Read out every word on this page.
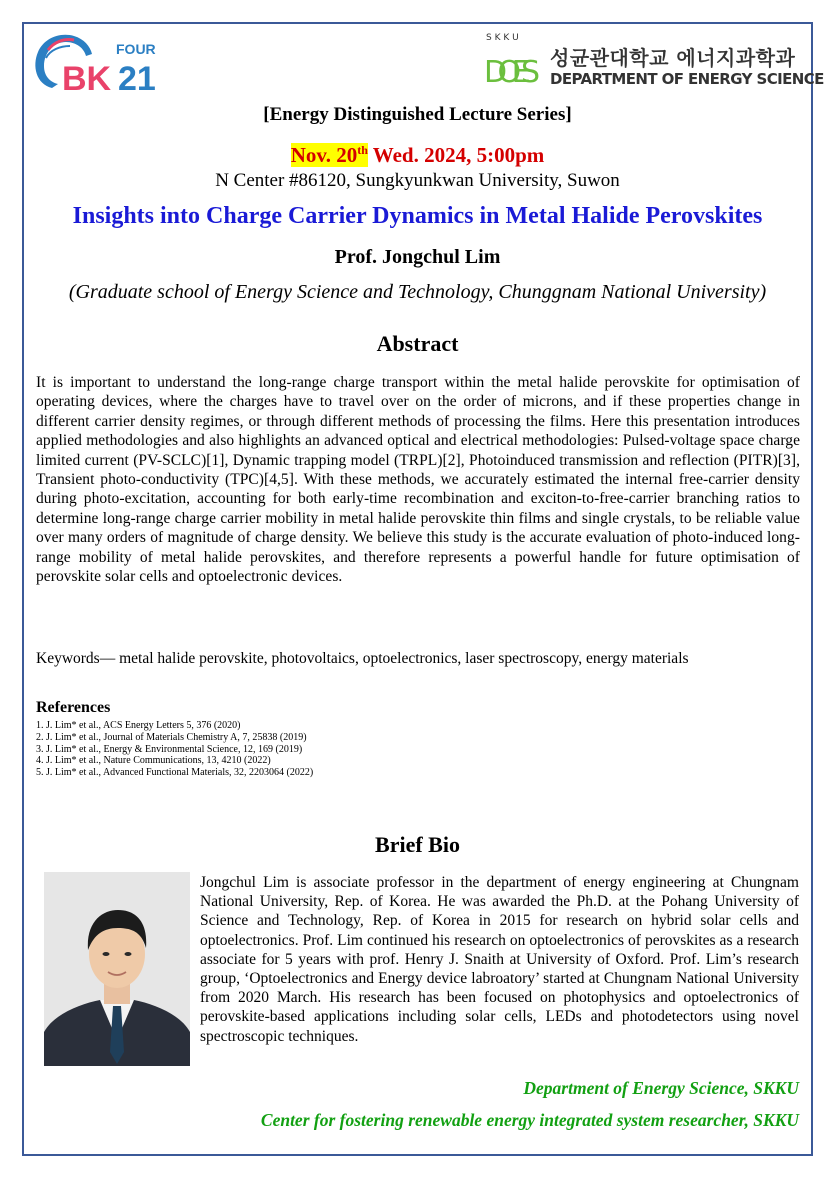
FOUR
BK 21
S K K U
DOES 성균관대학교 에너지과학과
DEPARTMENT OF ENERGY SCIENCE
[Energy Distinguished Lecture Series]
Nov. 20th Wed. 2024, 5:00pm
N Center #86120, Sungkyunkwan University, Suwon
Insights into Charge Carrier Dynamics in Metal Halide Perovskites
Prof. Jongchul Lim
(Graduate school of Energy Science and Technology, Chunggnam National University)
Abstract
It is important to understand the long-range charge transport within the metal halide perovskite for optimisation of operating devices, where the charges have to travel over on the order of microns, and if these properties change in different carrier density regimes, or through different methods of processing the films. Here this presentation introduces applied methodologies and also highlights an advanced optical and electrical methodologies: Pulsed-voltage space charge limited current (PV-SCLC)[1], Dynamic trapping model (TRPL)[2], Photoinduced transmission and reflection (PITR)[3], Transient photo-conductivity (TPC)[4,5]. With these methods, we accurately estimated the internal free-carrier density during photo-excitation, accounting for both early-time recombination and exciton-to-free-carrier branching ratios to determine long-range charge carrier mobility in metal halide perovskite thin films and single crystals, to be reliable value over many orders of magnitude of charge density. We believe this study is the accurate evaluation of photo-induced long-range mobility of metal halide perovskites, and therefore represents a powerful handle for future optimisation of perovskite solar cells and optoelectronic devices.
Keywords— metal halide perovskite, photovoltaics, optoelectronics, laser spectroscopy, energy materials
References
1. J. Lim* et al., ACS Energy Letters 5, 376 (2020)
2. J. Lim* et al., Journal of Materials Chemistry A, 7, 25838 (2019)
3. J. Lim* et al., Energy & Environmental Science, 12, 169 (2019)
4. J. Lim* et al., Nature Communications, 13, 4210 (2022)
5. J. Lim* et al., Advanced Functional Materials, 32, 2203064 (2022)
Brief Bio
Jongchul Lim is associate professor in the department of energy engineering at Chungnam National University, Rep. of Korea. He was awarded the Ph.D. at the Pohang University of Science and Technology, Rep. of Korea in 2015 for research on hybrid solar cells and optoelectronics. Prof. Lim continued his research on optoelectronics of perovskites as a research associate for 5 years with prof. Henry J. Snaith at University of Oxford. Prof. Lim’s research group, ‘Optoelectronics and Energy device labroatory’ started at Chungnam National University from 2020 March. His research has been focused on photophysics and optoelectronics of perovskite-based applications including solar cells, LEDs and photodetectors using novel spectroscopic techniques.
Department of Energy Science, SKKU
Center for fostering renewable energy integrated system researcher, SKKU
